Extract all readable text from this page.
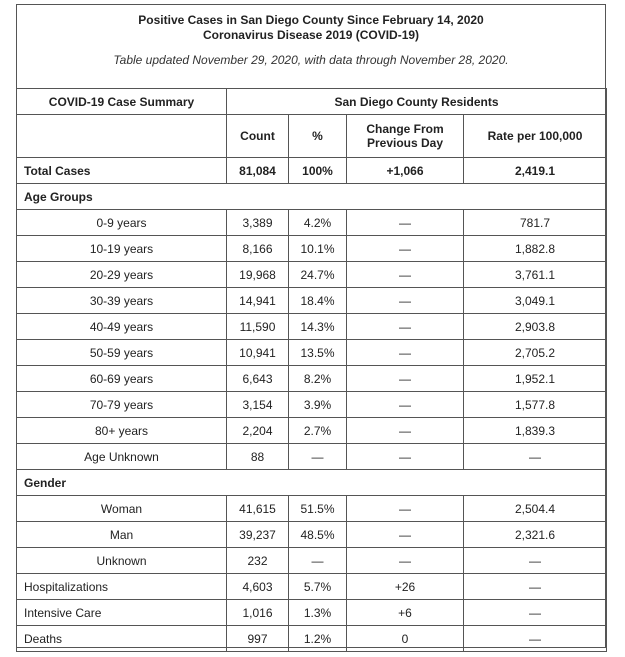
Positive Cases in San Diego County Since February 14, 2020
Coronavirus Disease 2019 (COVID-19)
Table updated November 29, 2020, with data through November 28, 2020.
COVID-19 Case Summary	San Diego County Residents			
	Count	%	Change From Previous Day	Rate per 100,000
Total Cases	81,084	100%	+1,066	2,419.1
Age Groups				
0-9 years	3,389	4.2%	—	781.7
10-19 years	8,166	10.1%	—	1,882.8
20-29 years	19,968	24.7%	—	3,761.1
30-39 years	14,941	18.4%	—	3,049.1
40-49 years	11,590	14.3%	—	2,903.8
50-59 years	10,941	13.5%	—	2,705.2
60-69 years	6,643	8.2%	—	1,952.1
70-79 years	3,154	3.9%	—	1,577.8
80+ years	2,204	2.7%	—	1,839.3
Age Unknown	88	—	—	—
Gender				
Woman	41,615	51.5%	—	2,504.4
Man	39,237	48.5%	—	2,321.6
Unknown	232	—	—	—
Hospitalizations	4,603	5.7%	+26	—
Intensive Care	1,016	1.3%	+6	—
Deaths	997	1.2%	0	—
